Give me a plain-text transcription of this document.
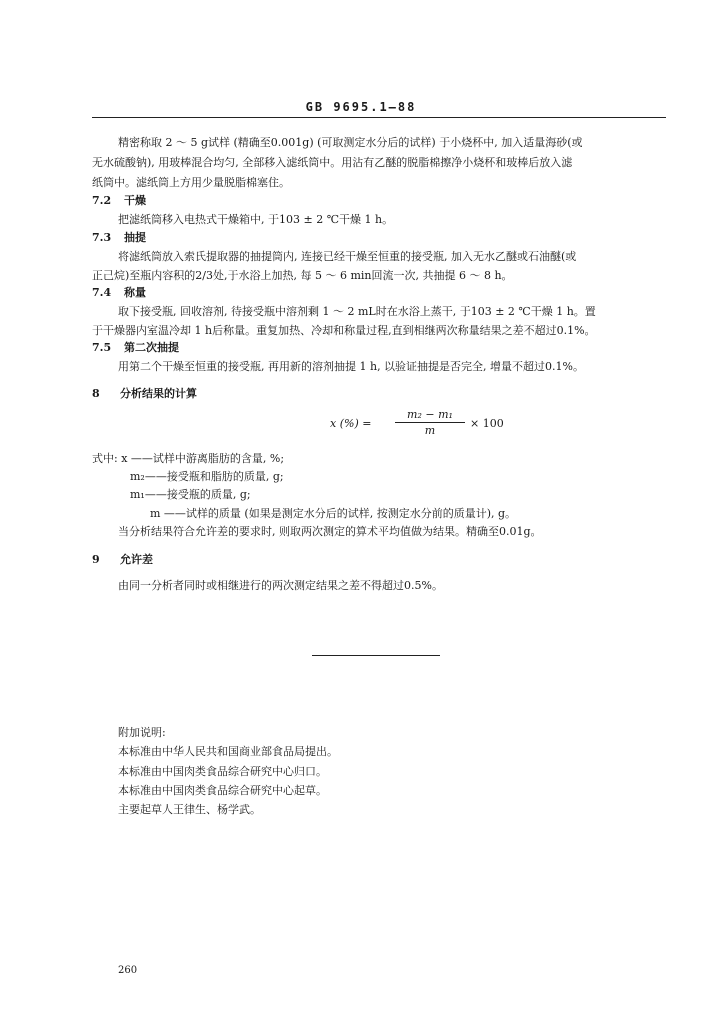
GB 9695.1—88
精密称取 2 ～ 5 g试样 (精确至0.001g) (可取测定水分后的试样) 于小烧杯中, 加入适量海砂(或
无水硫酸钠), 用玻棒混合均匀, 全部移入滤纸筒中。用沾有乙醚的脱脂棉擦净小烧杯和玻棒后放入滤
纸筒中。滤纸筒上方用少量脱脂棉塞住。
7.2 干燥
把滤纸筒移入电热式干燥箱中, 于103 ± 2 ℃干燥 1 h。
7.3 抽提
将滤纸筒放入索氏提取器的抽提筒内, 连接已经干燥至恒重的接受瓶, 加入无水乙醚或石油醚(或
正己烷)至瓶内容积的2/3处,于水浴上加热, 每 5 ～ 6 min回流一次, 共抽提 6 ～ 8 h。
7.4 称量
取下接受瓶, 回收溶剂, 待接受瓶中溶剂剩 1 ～ 2 mL时在水浴上蒸干, 于103 ± 2 ℃干燥 1 h。置
于干燥器内室温冷却 1 h后称量。重复加热、冷却和称量过程,直到相继两次称量结果之差不超过0.1%。
7.5 第二次抽提
用第二个干燥至恒重的接受瓶, 再用新的溶剂抽提 1 h, 以验证抽提是否完全, 增量不超过0.1%。
8 分析结果的计算
x (%) = $\frac{\text{m₂ − m₁}}{m} \times 100$
式中: x ——试样中游离脂肪的含量, %;
m₂——接受瓶和脂肪的质量, g;
m₁——接受瓶的质量, g;
m ——试样的质量 (如果是测定水分后的试样, 按测定水分前的质量计), g。
当分析结果符合允许差的要求时, 则取两次测定的算术平均值做为结果。精确至0.01g。
9 允许差
由同一分析者同时或相继进行的两次测定结果之差不得超过0.5%。
附加说明:
本标准由中华人民共和国商业部食品局提出。
本标准由中国肉类食品综合研究中心归口。
本标准由中国肉类食品综合研究中心起草。
主要起草人王律生、杨学武。
260
